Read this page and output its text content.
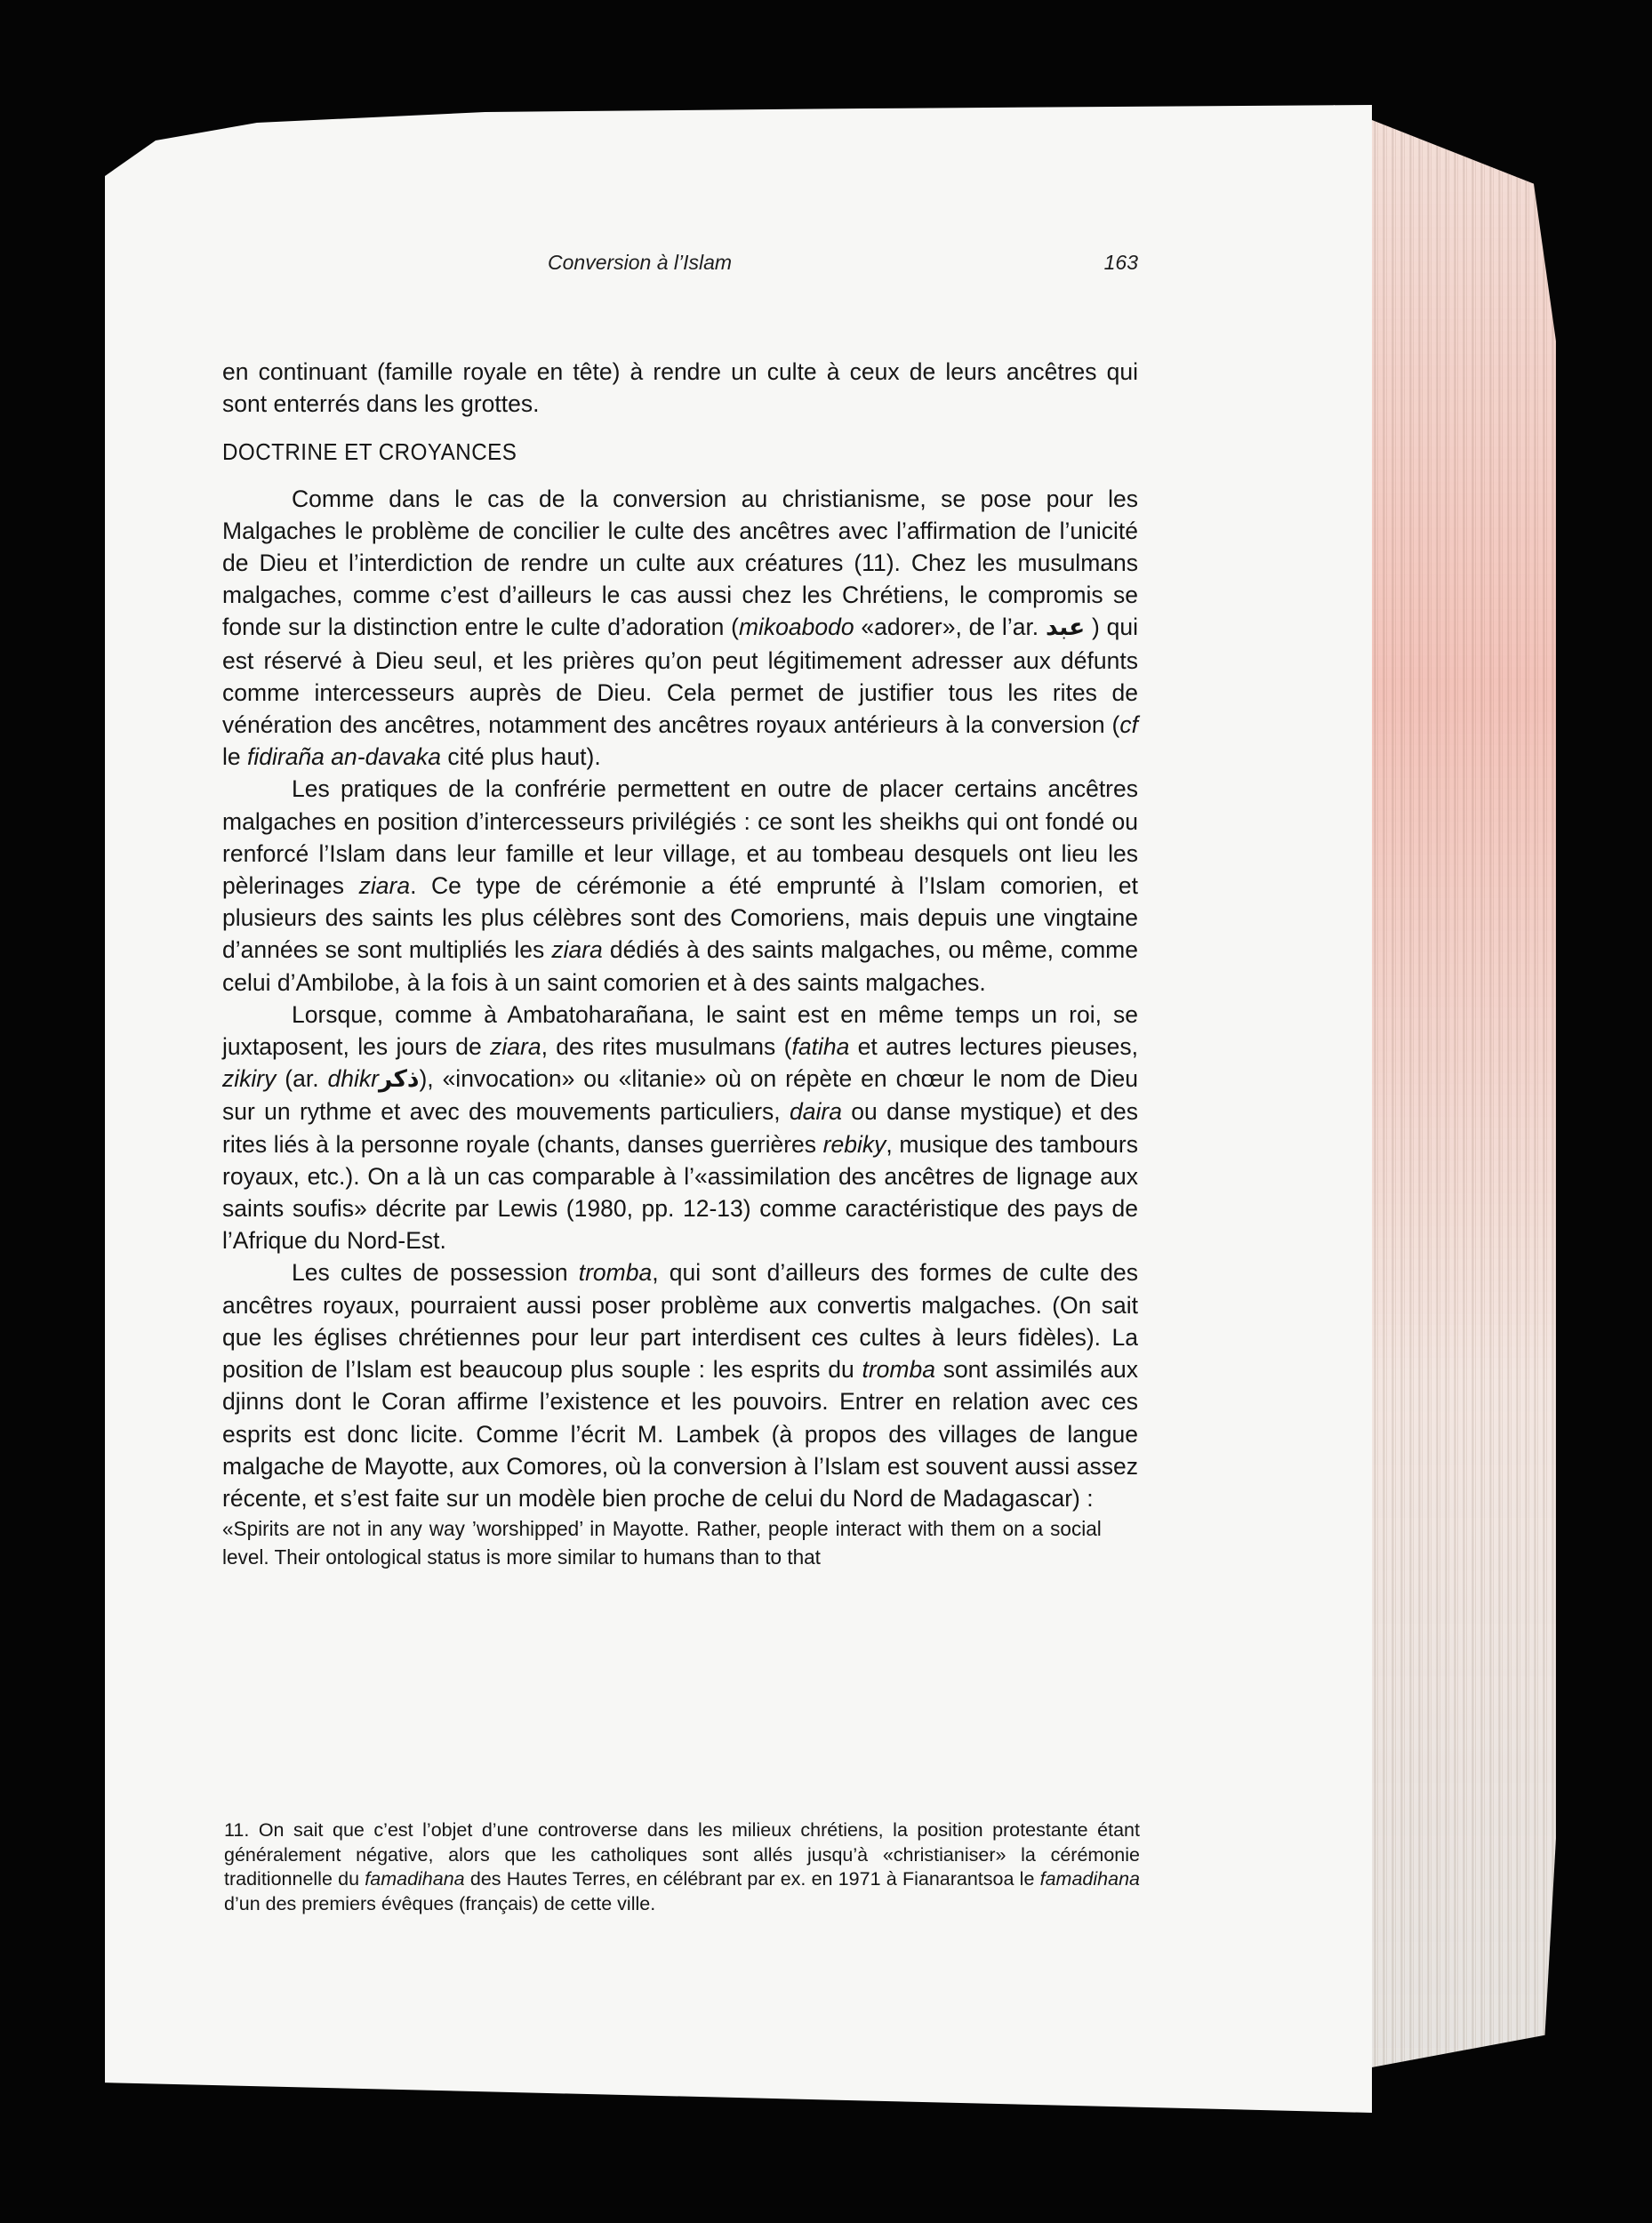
Conversion à l’Islam	163

en continuant (famille royale en tête) à rendre un culte à ceux de leurs ancêtres qui sont enterrés dans les grottes.

DOCTRINE ET CROYANCES

Comme dans le cas de la conversion au christianisme, se pose pour les Malgaches le problème de concilier le culte des ancêtres avec l’affirmation de l’unicité de Dieu et l’interdiction de rendre un culte aux créatures (11). Chez les musulmans malgaches, comme c’est d’ailleurs le cas aussi chez les Chrétiens, le compromis se fonde sur la distinction entre le culte d’adoration (mikoabodo «adorer», de l’ar. عبد ) qui est réservé à Dieu seul, et les prières qu’on peut légitimement adresser aux défunts comme intercesseurs auprès de Dieu. Cela permet de justifier tous les rites de vénération des ancêtres, notamment des ancêtres royaux antérieurs à la conversion (cf le fidiraña an-davaka cité plus haut).

Les pratiques de la confrérie permettent en outre de placer certains ancêtres malgaches en position d’intercesseurs privilégiés : ce sont les sheikhs qui ont fondé ou renforcé l’Islam dans leur famille et leur village, et au tombeau desquels ont lieu les pèlerinages ziara. Ce type de cérémonie a été emprunté à l’Islam comorien, et plusieurs des saints les plus célèbres sont des Comoriens, mais depuis une vingtaine d’années se sont multipliés les ziara dédiés à des saints malgaches, ou même, comme celui d’Ambilobe, à la fois à un saint comorien et à des saints malgaches.

Lorsque, comme à Ambatoharañana, le saint est en même temps un roi, se juxtaposent, les jours de ziara, des rites musulmans (fatiha et autres lectures pieuses, zikiry (ar. dhikrذكر), «invocation» ou «litanie» où on répète en chœur le nom de Dieu sur un rythme et avec des mouvements particuliers, daira ou danse mystique) et des rites liés à la personne royale (chants, danses guerrières rebiky, musique des tambours royaux, etc.). On a là un cas comparable à l’«assimilation des ancêtres de lignage aux saints soufis» décrite par Lewis (1980, pp. 12-13) comme caractéristique des pays de l’Afrique du Nord-Est.

Les cultes de possession tromba, qui sont d’ailleurs des formes de culte des ancêtres royaux, pourraient aussi poser problème aux convertis malgaches. (On sait que les églises chrétiennes pour leur part interdisent ces cultes à leurs fidèles). La position de l’Islam est beaucoup plus souple : les esprits du tromba sont assimilés aux djinns dont le Coran affirme l’existence et les pouvoirs. Entrer en relation avec ces esprits est donc licite. Comme l’écrit M. Lambek (à propos des villages de langue malgache de Mayotte, aux Comores, où la conversion à l’Islam est souvent aussi assez récente, et s’est faite sur un modèle bien proche de celui du Nord de Madagascar) :

«Spirits are not in any way ’worshipped’ in Mayotte. Rather, people interact with them on a social level. Their ontological status is more similar to humans than to that

11. On sait que c’est l’objet d’une controverse dans les milieux chrétiens, la position protestante étant généralement négative, alors que les catholiques sont allés jusqu’à «christianiser» la cérémonie traditionnelle du famadihana des Hautes Terres, en célébrant par ex. en 1971 à Fianarantsoa le famadihana d’un des premiers évêques (français) de cette ville.
